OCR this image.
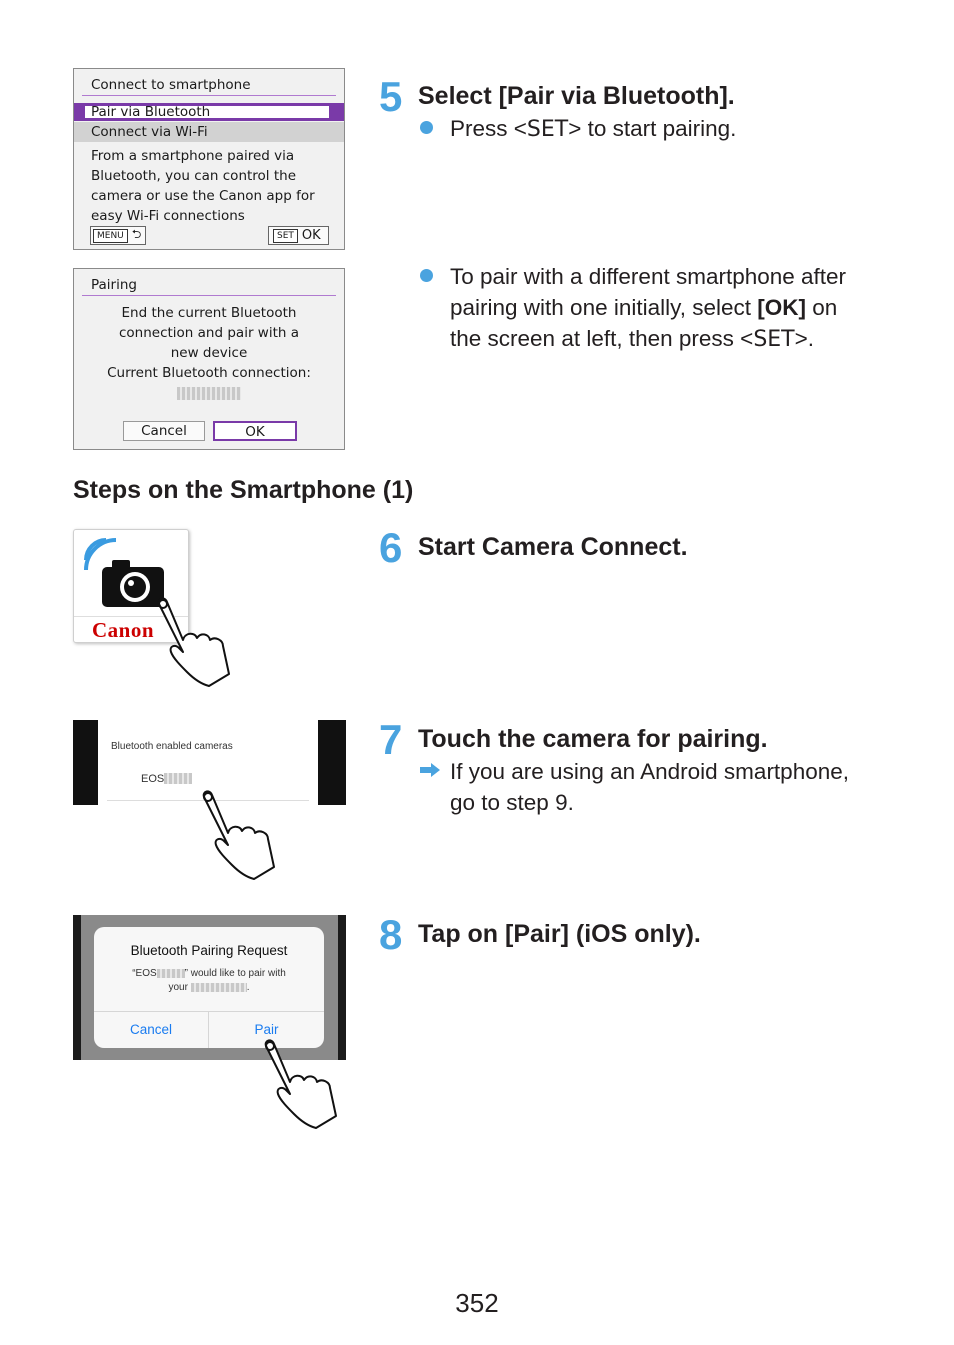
Connect to smartphone
Pair via Bluetooth
Connect via Wi-Fi
From a smartphone paired via
Bluetooth, you can control the
camera or use the Canon app for
easy Wi-Fi connections
MENU ⮌	SET OK
Pairing
End the current Bluetooth
connection and pair with a
new device
Current Bluetooth connection:
Cancel	OK
5 Select [Pair via Bluetooth].
Press <SET> to start pairing.
To pair with a different smartphone after
pairing with one initially, select [OK] on
the screen at left, then press <SET>.
Steps on the Smartphone (1)
Canon
6 Start Camera Connect.
Bluetooth enabled cameras
EOS
7 Touch the camera for pairing.
If you are using an Android smartphone,
go to step 9.
Bluetooth Pairing Request
“EOS	” would like to pair with
your	.
Cancel	Pair
8 Tap on [Pair] (iOS only).
352
